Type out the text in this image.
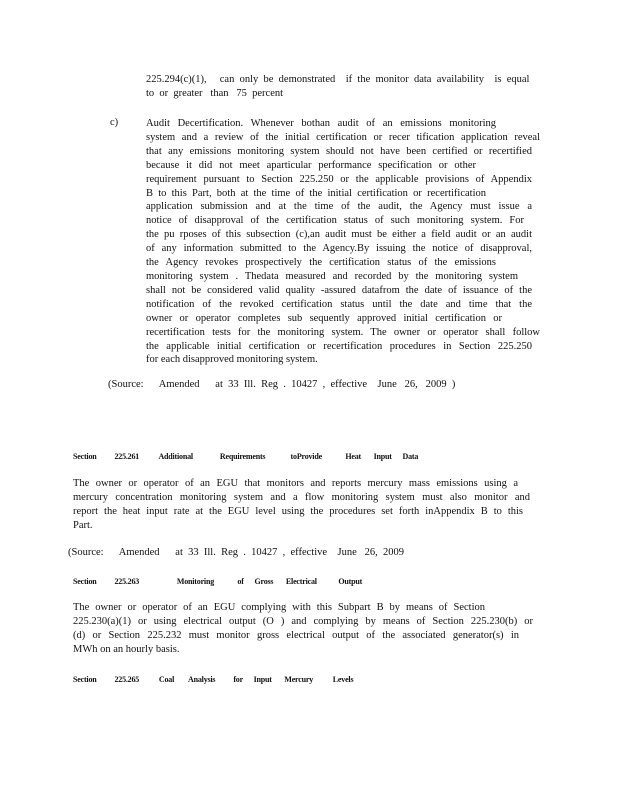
225.294(c)(1),     can  only  be  demonstrated    if  the  monitor  data  availability    is  equal
to  or  greater   than   75  percent
c)	Audit Decertification. Whenever bothan audit of an emissions monitoring
system and a review of the initial certification or recer tification application reveal
that any emissions monitoring system should not have been certified or recertified
because it did not meet aparticular performance specification or other
requirement pursuant to Section 225.250 or the applicable provisions of Appendix
B to this Part, both at the time of the initial certification or recertification
application submission and at the time of the audit, the Agency must issue a
notice of disapproval of the certification status of such monitoring system. For
the pu rposes of this subsection (c),an audit must be either a field audit or an audit
of any information submitted to the Agency.By issuing the notice of disapproval,
the Agency revokes prospectively the certification status of the emissions
monitoring system . Thedata measured and recorded by the monitoring system
shall not be considered valid quality -assured datafrom the date of issuance of the
notification of the revoked certification status until the date and time that the
owner or operator completes sub sequently approved initial certification or
recertification tests for the monitoring system. The owner or operator shall follow
the applicable initial certification or recertification procedures in Section 225.250
for each disapproved monitoring system.
(Source:      Amended      at  33  Ill.  Reg  .  10427  ,  effective    June   26,   2009  )
Section          225.261           Additional               Requirements              toProvide             Heat       Input      Data
The owner or operator of an EGU that monitors and reports mercury mass emissions using a
mercury concentration monitoring system and a flow monitoring system must also monitor and
report the heat input rate at the EGU level using the procedures set forth inAppendix B to this
Part.
(Source:      Amended      at  33  Ill.  Reg  .  10427  ,  effective    June   26,  2009
Section          225.263                     Monitoring             of      Gross       Electrical            Output
The owner or operator of an EGU complying with this Subpart B by means of Section
225.230(a)(1) or using electrical output (O ) and complying by means of Section 225.230(b) or
(d) or Section 225.232 must monitor gross electrical output of the associated generator(s) in
MWh on an hourly basis.
Section          225.265           Coal        Analysis          for      Input       Mercury           Levels
